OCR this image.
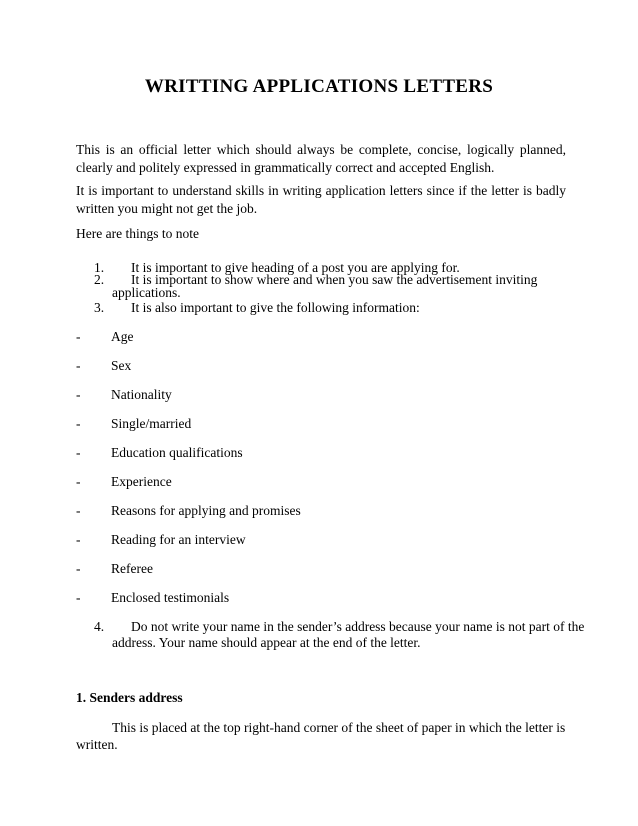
WRITTING APPLICATIONS LETTERS
This is an official letter which should always be complete, concise, logically planned, clearly and politely expressed in grammatically correct and accepted English.
It is important to understand skills in writing application letters since if the letter is badly written you might not get the job.
Here are things to note
1. It is important to give heading of a post you are applying for.
2. It is important to show where and when you saw the advertisement inviting
applications.
3. It is also important to give the following information:
- Age
- Sex
- Nationality
- Single/married
- Education qualifications
- Experience
- Reasons for applying and promises
- Reading for an interview
- Referee
- Enclosed testimonials
4. Do not write your name in the sender’s address because your name is not part of the
address. Your name should appear at the end of the letter.
1. Senders address
This is placed at the top right-hand corner of the sheet of paper in which the letter is
written.
